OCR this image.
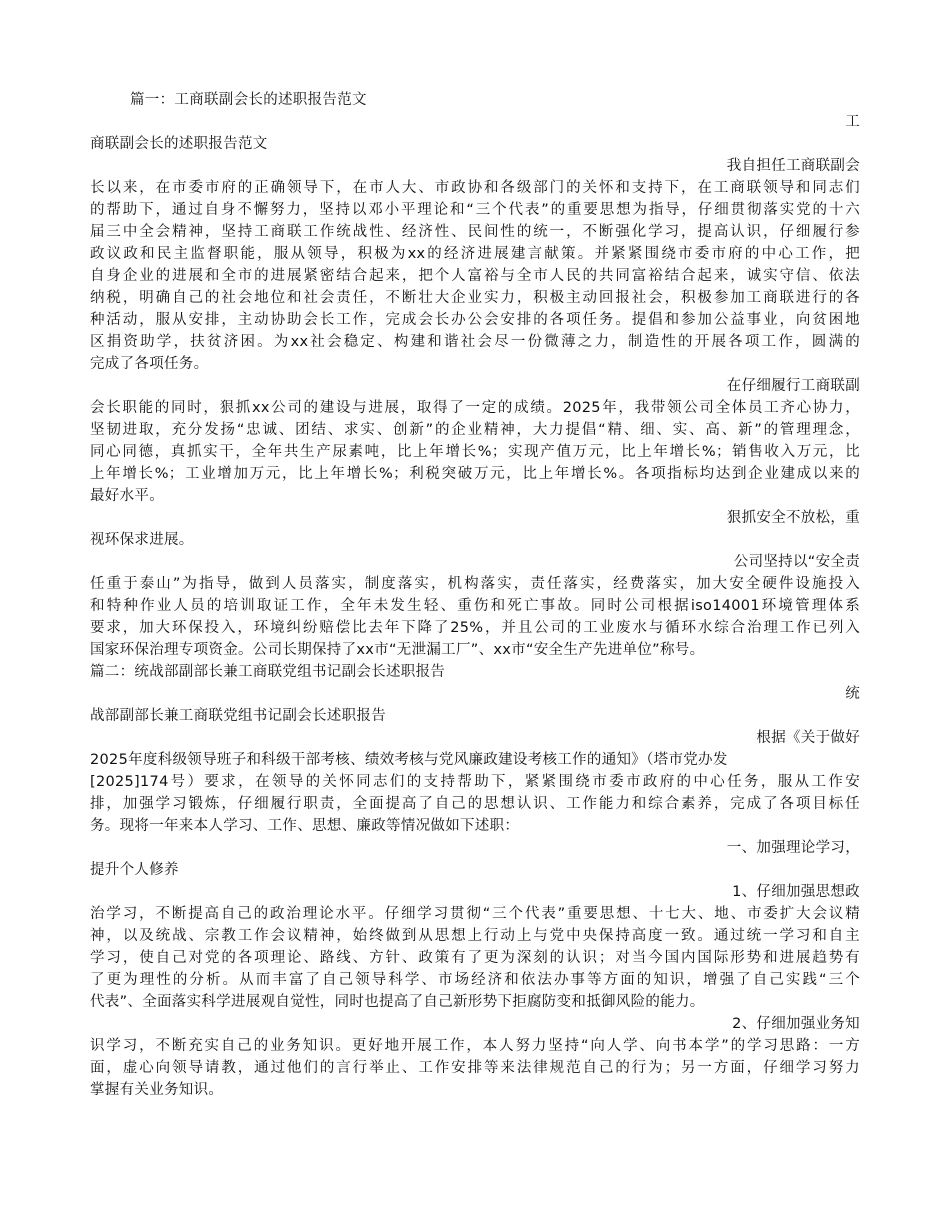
篇一：工商联副会长的述职报告范文
工
商联副会长的述职报告范文
我自担任工商联副会
长以来，在市委市府的正确领导下，在市人大、市政协和各级部门的关怀和支持下，在工商联领导和同志们
的帮助下，通过自身不懈努力，坚持以邓小平理论和“三个代表”的重要思想为指导，仔细贯彻落实党的十六
届三中全会精神，坚持工商联工作统战性、经济性、民间性的统一，不断强化学习，提高认识，仔细履行参
政议政和民主监督职能，服从领导，积极为xx的经济进展建言献策。并紧紧围绕市委市府的中心工作，把
自身企业的进展和全市的进展紧密结合起来，把个人富裕与全市人民的共同富裕结合起来，诚实守信、依法
纳税，明确自己的社会地位和社会责任，不断壮大企业实力，积极主动回报社会，积极参加工商联进行的各
种活动，服从安排，主动协助会长工作，完成会长办公会安排的各项任务。提倡和参加公益事业，向贫困地
区捐资助学，扶贫济困。为xx社会稳定、构建和谐社会尽一份微薄之力，制造性的开展各项工作，圆满的
完成了各项任务。
在仔细履行工商联副
会长职能的同时，狠抓xx公司的建设与进展，取得了一定的成绩。2025年，我带领公司全体员工齐心协力，
坚韧进取，充分发扬“忠诚、团结、求实、创新”的企业精神，大力提倡“精、细、实、高、新”的管理理念，
同心同德，真抓实干，全年共生产尿素吨，比上年增长%；实现产值万元，比上年增长%；销售收入万元，比
上年增长%；工业增加万元，比上年增长%；利税突破万元，比上年增长%。各项指标均达到企业建成以来的
最好水平。
狠抓安全不放松，重
视环保求进展。
公司坚持以“安全责
任重于泰山”为指导，做到人员落实，制度落实，机构落实，责任落实，经费落实，加大安全硬件设施投入
和特种作业人员的培训取证工作，全年未发生轻、重伤和死亡事故。同时公司根据iso14001环境管理体系
要求，加大环保投入，环境纠纷赔偿比去年下降了25%，并且公司的工业废水与循环水综合治理工作已列入
国家环保治理专项资金。公司长期保持了xx市“无泄漏工厂”、xx市“安全生产先进单位”称号。
篇二：统战部副部长兼工商联党组书记副会长述职报告
统
战部副部长兼工商联党组书记副会长述职报告
根据《关于做好
2025年度科级领导班子和科级干部考核、绩效考核与党风廉政建设考核工作的通知》（塔市党办发
[2025]174号）要求，在领导的关怀同志们的支持帮助下，紧紧围绕市委市政府的中心任务，服从工作安
排，加强学习锻炼，仔细履行职责，全面提高了自己的思想认识、工作能力和综合素养，完成了各项目标任
务。现将一年来本人学习、工作、思想、廉政等情况做如下述职：
一、加强理论学习，
提升个人修养
1、仔细加强思想政
治学习，不断提高自己的政治理论水平。仔细学习贯彻“三个代表”重要思想、十七大、地、市委扩大会议精
神，以及统战、宗教工作会议精神，始终做到从思想上行动上与党中央保持高度一致。通过统一学习和自主
学习，使自己对党的各项理论、路线、方针、政策有了更为深刻的认识；对当今国内国际形势和进展趋势有
了更为理性的分析。从而丰富了自己领导科学、市场经济和依法办事等方面的知识，增强了自己实践“三个
代表”、全面落实科学进展观自觉性，同时也提高了自己新形势下拒腐防变和抵御风险的能力。
2、仔细加强业务知
识学习，不断充实自己的业务知识。更好地开展工作，本人努力坚持“向人学、向书本学”的学习思路：一方
面，虚心向领导请教，通过他们的言行举止、工作安排等来法律规范自己的行为；另一方面，仔细学习努力
掌握有关业务知识。
